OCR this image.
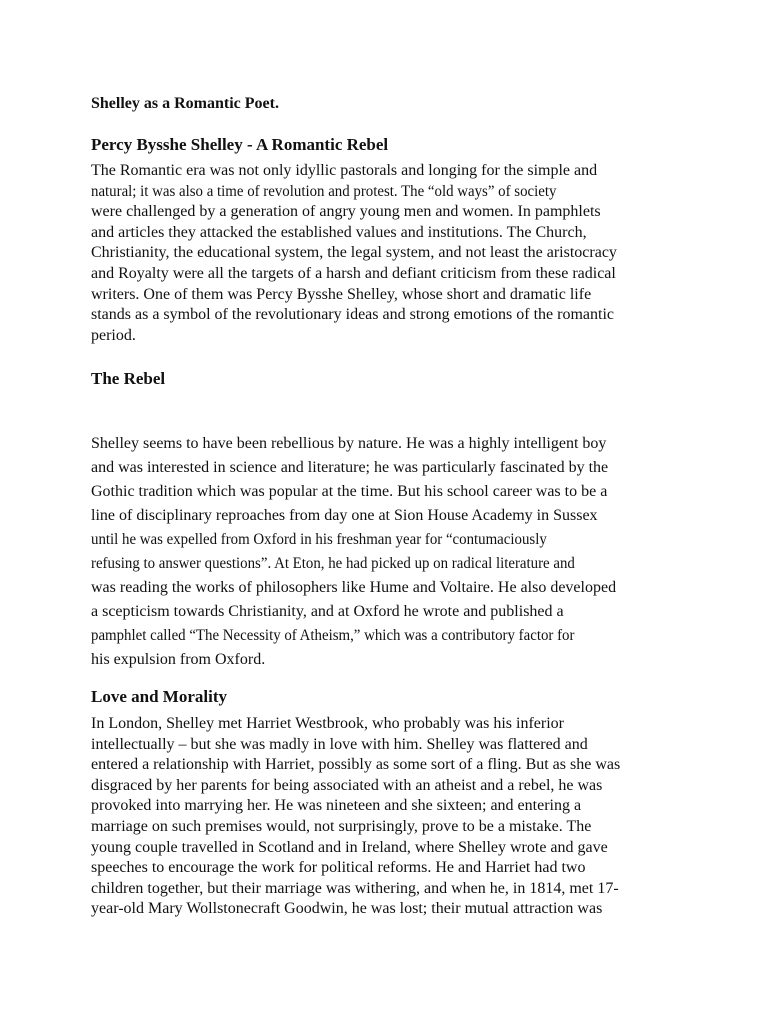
Shelley as a Romantic Poet.
Percy Bysshe Shelley - A Romantic Rebel
The Romantic era was not only idyllic pastorals and longing for the simple and
natural; it was also a time of revolution and protest. The “old ways” of society
were challenged by a generation of angry young men and women. In pamphlets
and articles they attacked the established values and institutions. The Church,
Christianity, the educational system, the legal system, and not least the aristocracy
and Royalty were all the targets of a harsh and defiant criticism from these radical
writers. One of them was Percy Bysshe Shelley, whose short and dramatic life
stands as a symbol of the revolutionary ideas and strong emotions of the romantic
period.
The Rebel
Shelley seems to have been rebellious by nature. He was a highly intelligent boy
and was interested in science and literature; he was particularly fascinated by the
Gothic tradition which was popular at the time. But his school career was to be a
line of disciplinary reproaches from day one at Sion House Academy in Sussex
until he was expelled from Oxford in his freshman year for “contumaciously
refusing to answer questions”. At Eton, he had picked up on radical literature and
was reading the works of philosophers like Hume and Voltaire. He also developed
a scepticism towards Christianity, and at Oxford he wrote and published a
pamphlet called “The Necessity of Atheism,” which was a contributory factor for
his expulsion from Oxford.
Love and Morality
In London, Shelley met Harriet Westbrook, who probably was his inferior
intellectually – but she was madly in love with him. Shelley was flattered and
entered a relationship with Harriet, possibly as some sort of a fling. But as she was
disgraced by her parents for being associated with an atheist and a rebel, he was
provoked into marrying her. He was nineteen and she sixteen; and entering a
marriage on such premises would, not surprisingly, prove to be a mistake. The
young couple travelled in Scotland and in Ireland, where Shelley wrote and gave
speeches to encourage the work for political reforms. He and Harriet had two
children together, but their marriage was withering, and when he, in 1814, met 17-
year-old Mary Wollstonecraft Goodwin, he was lost; their mutual attraction was
